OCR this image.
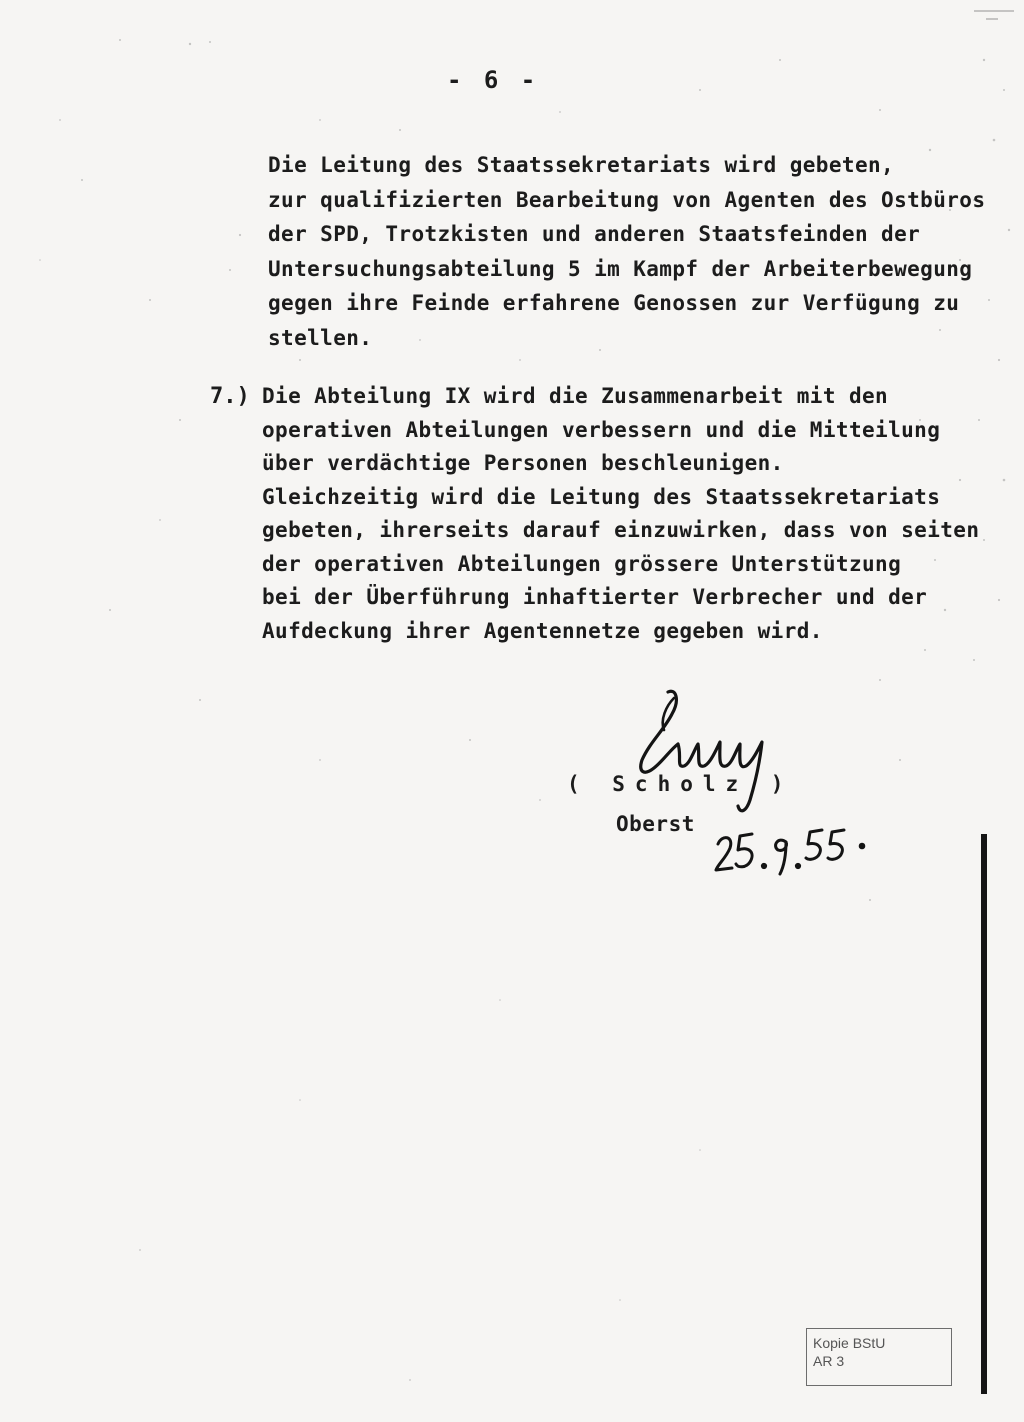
- 6 -
Die Leitung des Staatssekretariats wird gebeten,
zur qualifizierten Bearbeitung von Agenten des Ostbüros
der SPD, Trotzkisten und anderen Staatsfeinden der
Untersuchungsabteilung 5 im Kampf der Arbeiterbewegung
gegen ihre Feinde erfahrene Genossen zur Verfügung zu
stellen.
7.) Die Abteilung IX wird die Zusammenarbeit mit den
operativen Abteilungen verbessern und die Mitteilung
über verdächtige Personen beschleunigen.
Gleichzeitig wird die Leitung des Staatssekretariats
gebeten, ihrerseits darauf einzuwirken, dass von seiten
der operativen Abteilungen grössere Unterstützung
bei der Überführung inhaftierter Verbrecher und der
Aufdeckung ihrer Agentennetze gegeben wird.
( Scholz )
Oberst
Kopie BStU
AR 3
